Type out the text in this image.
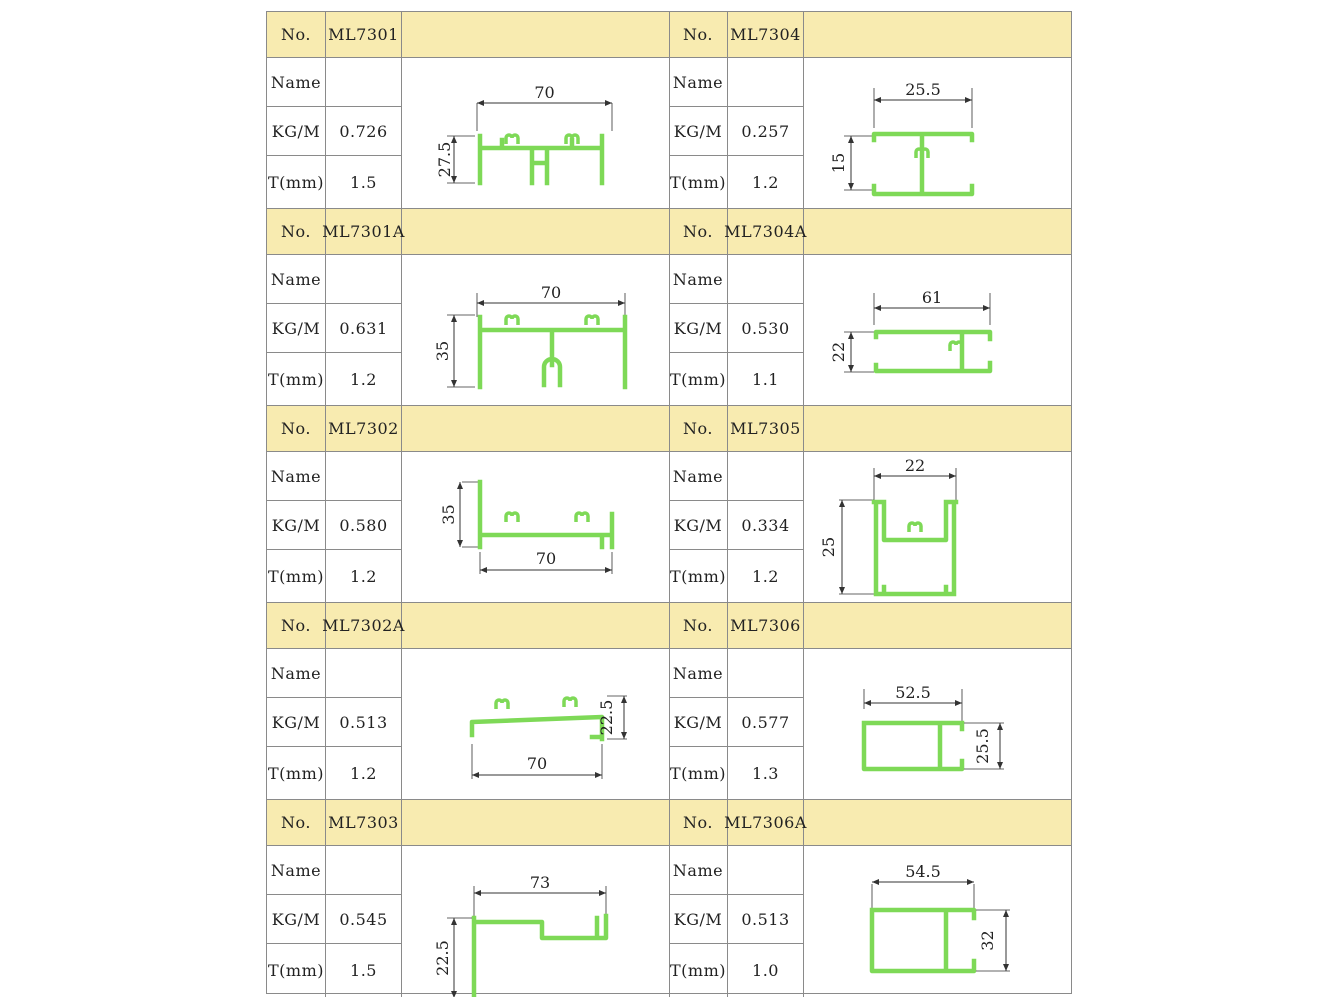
No.	ML7301
Name
KG/M	0.726
T(mm)	1.5
70
27.5
No.	ML7304
Name
KG/M	0.257
T(mm)	1.2
25.5
15
No. ML7301A
Name
KG/M	0.631
T(mm)	1.2
70
35
No. ML7304A
Name
KG/M	0.530
T(mm)	1.1
61
22
No.	ML7302
Name
KG/M	0.580
T(mm)	1.2
35
70
No.	ML7305
Name
KG/M	0.334
T(mm)	1.2
22
25
No. ML7302A
Name
KG/M	0.513
T(mm)	1.2
22.5
70
No.	ML7306
Name
KG/M	0.577
T(mm)	1.3
52.5
25.5
No.	ML7303
Name
KG/M	0.545
T(mm)	1.5
73
22.5
No. ML7306A
Name
KG/M	0.513
T(mm)	1.0
54.5
32
